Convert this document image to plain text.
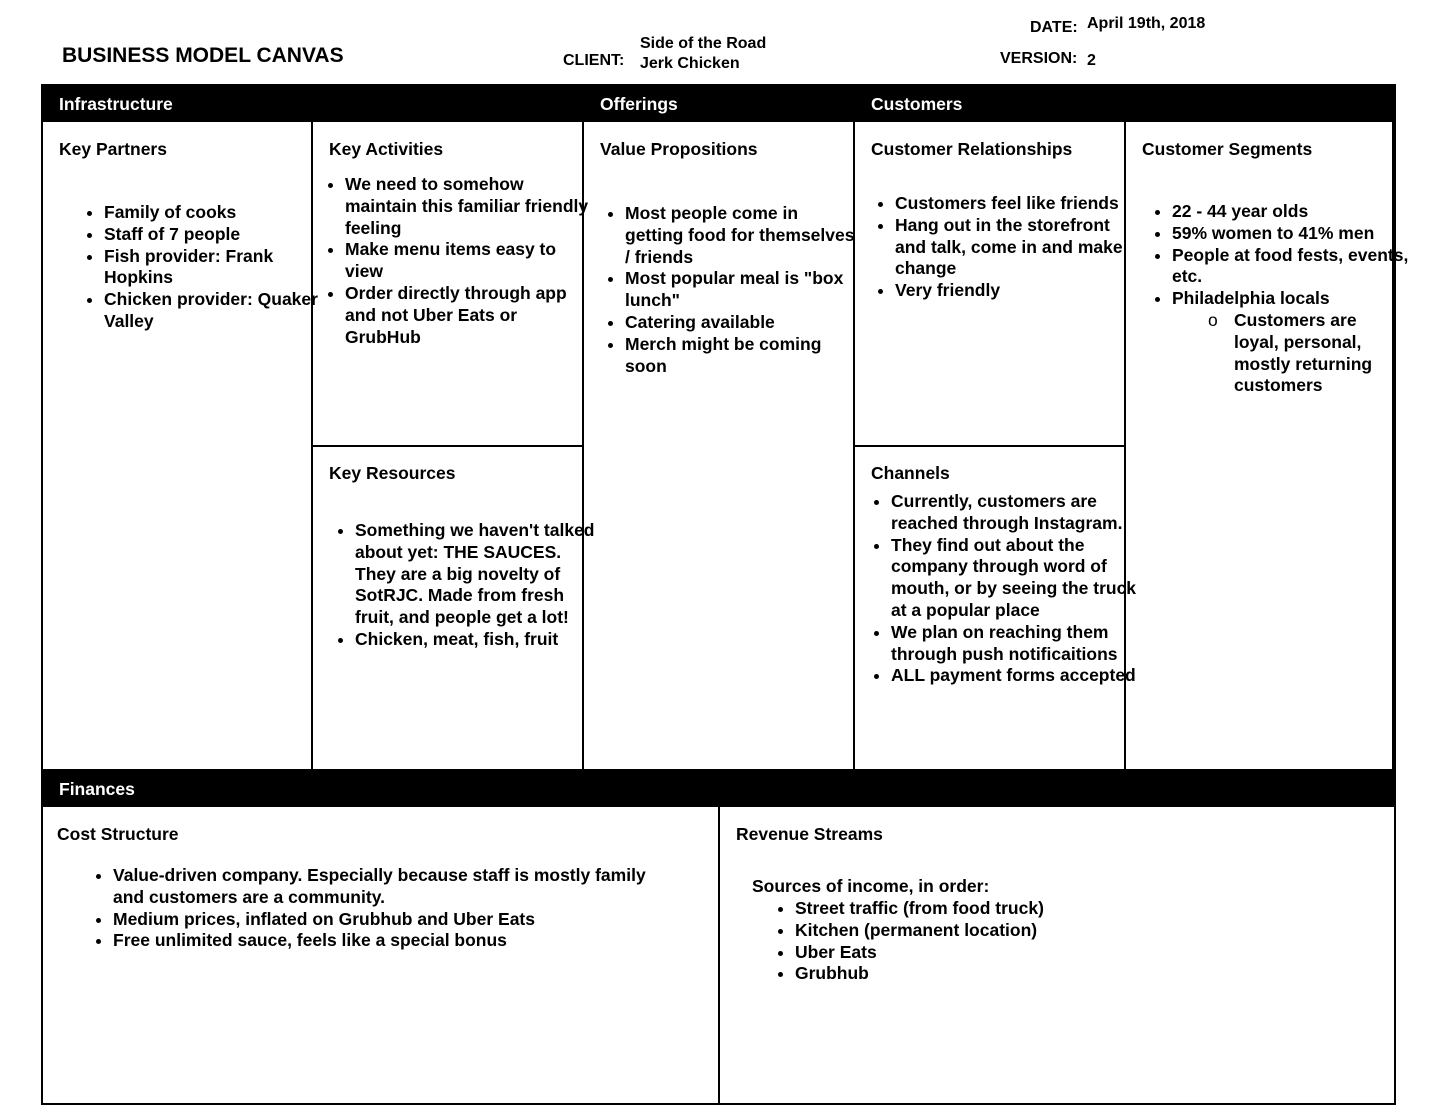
BUSINESS MODEL CANVAS	CLIENT:
Side of the Road
Jerk Chicken
DATE: April 19th, 2018
VERSION: 2
Infrastructure	Offerings	Customers
Key Partners
• Family of cooks
• Staff of 7 people
• Fish provider: Frank Hopkins
• Chicken provider: Quaker Valley
Key Activities
• We need to somehow maintain this familiar friendly feeling
• Make menu items easy to view
• Order directly through app and not Uber Eats or GrubHub
Key Resources
• Something we haven't talked about yet: THE SAUCES. They are a big novelty of SotRJC. Made from fresh fruit, and people get a lot!
• Chicken, meat, fish, fruit
Value Propositions
• Most people come in getting food for themselves / friends
• Most popular meal is "box lunch"
• Catering available
• Merch might be coming soon
Customer Relationships
• Customers feel like friends
• Hang out in the storefront and talk, come in and make change
• Very friendly
Channels
• Currently, customers are reached through Instagram.
• They find out about the company through word of mouth, or by seeing the truck at a popular place
• We plan on reaching them through push notificaitions
• ALL payment forms accepted
Customer Segments
• 22 - 44 year olds
• 59% women to 41% men
• People at food fests, events, etc.
• Philadelphia locals
o Customers are loyal, personal, mostly returning customers
Finances
Cost Structure
• Value-driven company. Especially because staff is mostly family and customers are a community.
• Medium prices, inflated on Grubhub and Uber Eats
• Free unlimited sauce, feels like a special bonus
Revenue Streams
Sources of income, in order:
• Street traffic (from food truck)
• Kitchen (permanent location)
• Uber Eats
• Grubhub
